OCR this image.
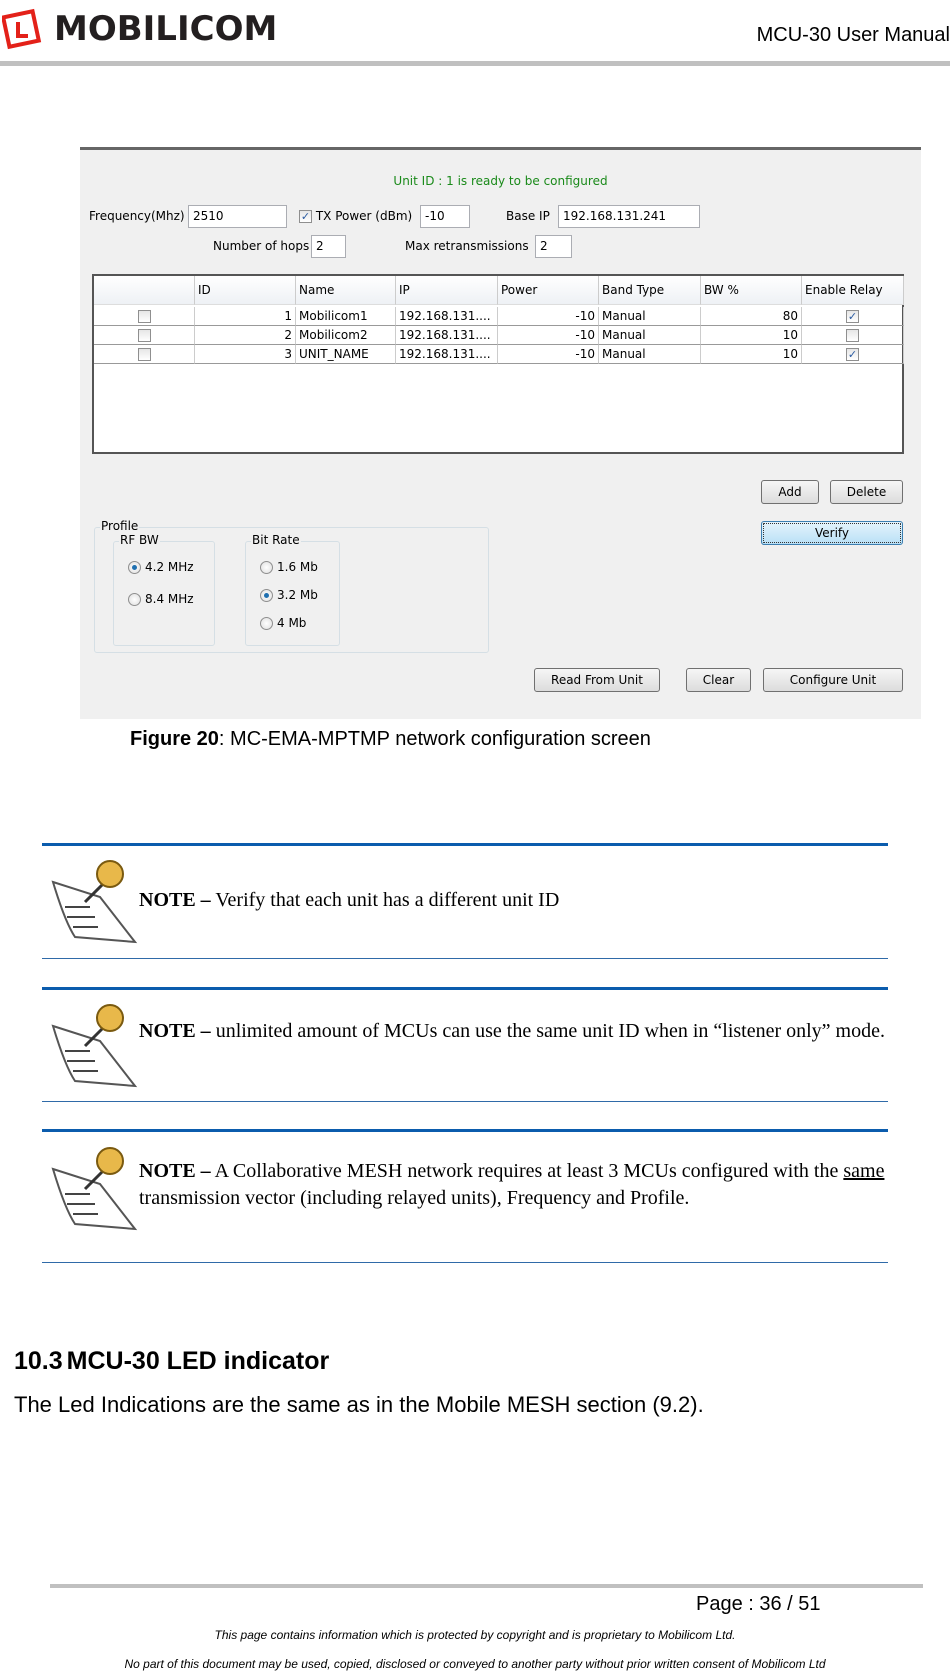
MOBILICOM	MCU-30 User Manual
Unit ID : 1 is ready to be configured
Frequency(Mhz) 2510	✓ TX Power (dBm)	-10	Base IP	192.168.131.241
Number of hops 2	Max retransmissions 2
ID	Name	IP	Power	Band Type	BW %	Enable Relay
1 Mobilicom1	192.168.131....	-10 Manual	80	✓
2 Mobilicom2	192.168.131....	-10 Manual	10
3 UNIT_NAME	192.168.131....	-10 Manual	10	✓
Add	Delete
Verify
Profile
RF BW
4.2 MHz
8.4 MHz
Bit Rate
1.6 Mb
3.2 Mb
4 Mb
Read From Unit	Clear	Configure Unit
Figure 20: MC-EMA-MPTMP network configuration screen
NOTE – Verify that each unit has a different unit ID
NOTE – unlimited amount of MCUs can use the same unit ID when in “listener only” mode.
NOTE – A Collaborative MESH network requires at least 3 MCUs configured with the same transmission vector (including relayed units), Frequency and Profile.
10.3 MCU-30 LED indicator
The Led Indications are the same as in the Mobile MESH section (9.2).
Page : 36 / 51
This page contains information which is protected by copyright and is proprietary to Mobilicom Ltd.
No part of this document may be used, copied, disclosed or conveyed to another party without prior written consent of Mobilicom Ltd
